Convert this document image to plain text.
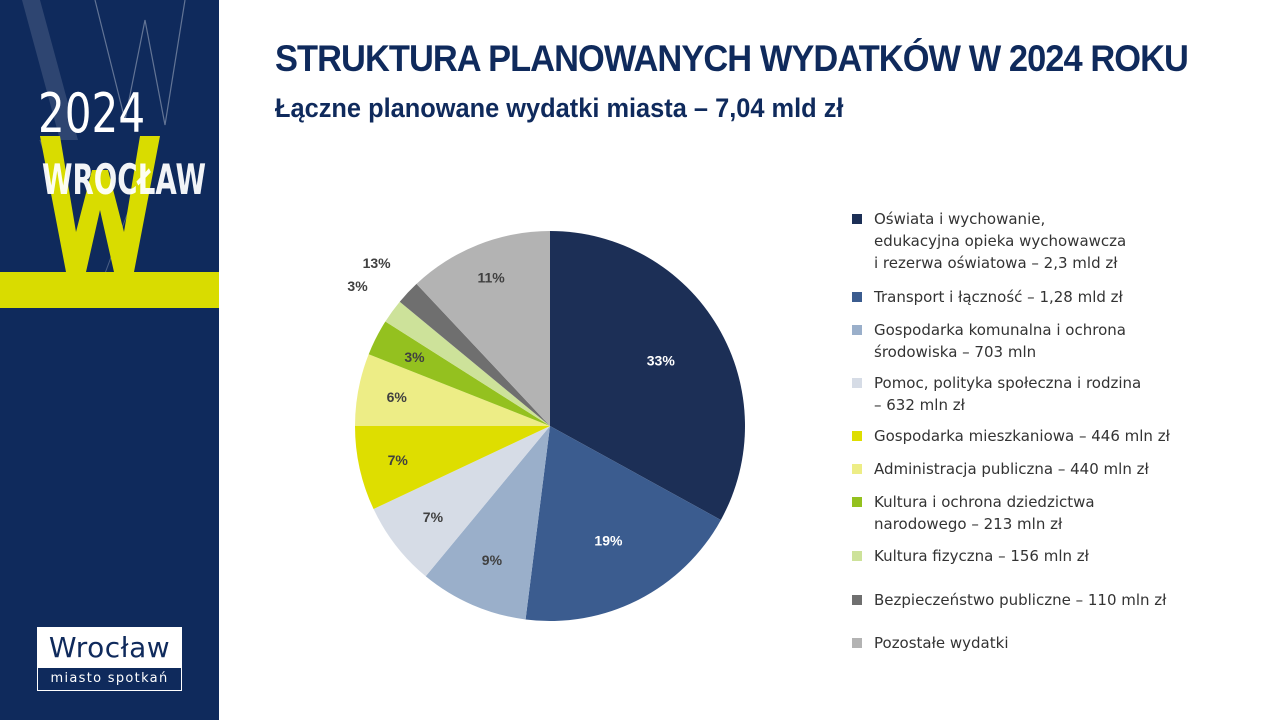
2024
WROCŁAW
Wrocław
miasto spotkań
STRUKTURA PLANOWANYCH WYDATKÓW W 2024 ROKU
Łączne planowane wydatki miasta – 7,04 mld zł
33%
19%
9%
7%
7%
6%
3%
3%
13%
11%
Oświata i wychowanie,
edukacyjna opieka wychowawcza
i rezerwa oświatowa – 2,3 mld zł
Transport i łączność – 1,28 mld zł
Gospodarka komunalna i ochrona
środowiska – 703 mln
Pomoc, polityka społeczna i rodzina
– 632 mln zł
Gospodarka mieszkaniowa – 446 mln zł
Administracja publiczna – 440 mln zł
Kultura i ochrona dziedzictwa
narodowego – 213 mln zł
Kultura fizyczna – 156 mln zł
Bezpieczeństwo publiczne – 110 mln zł
Pozostałe wydatki
